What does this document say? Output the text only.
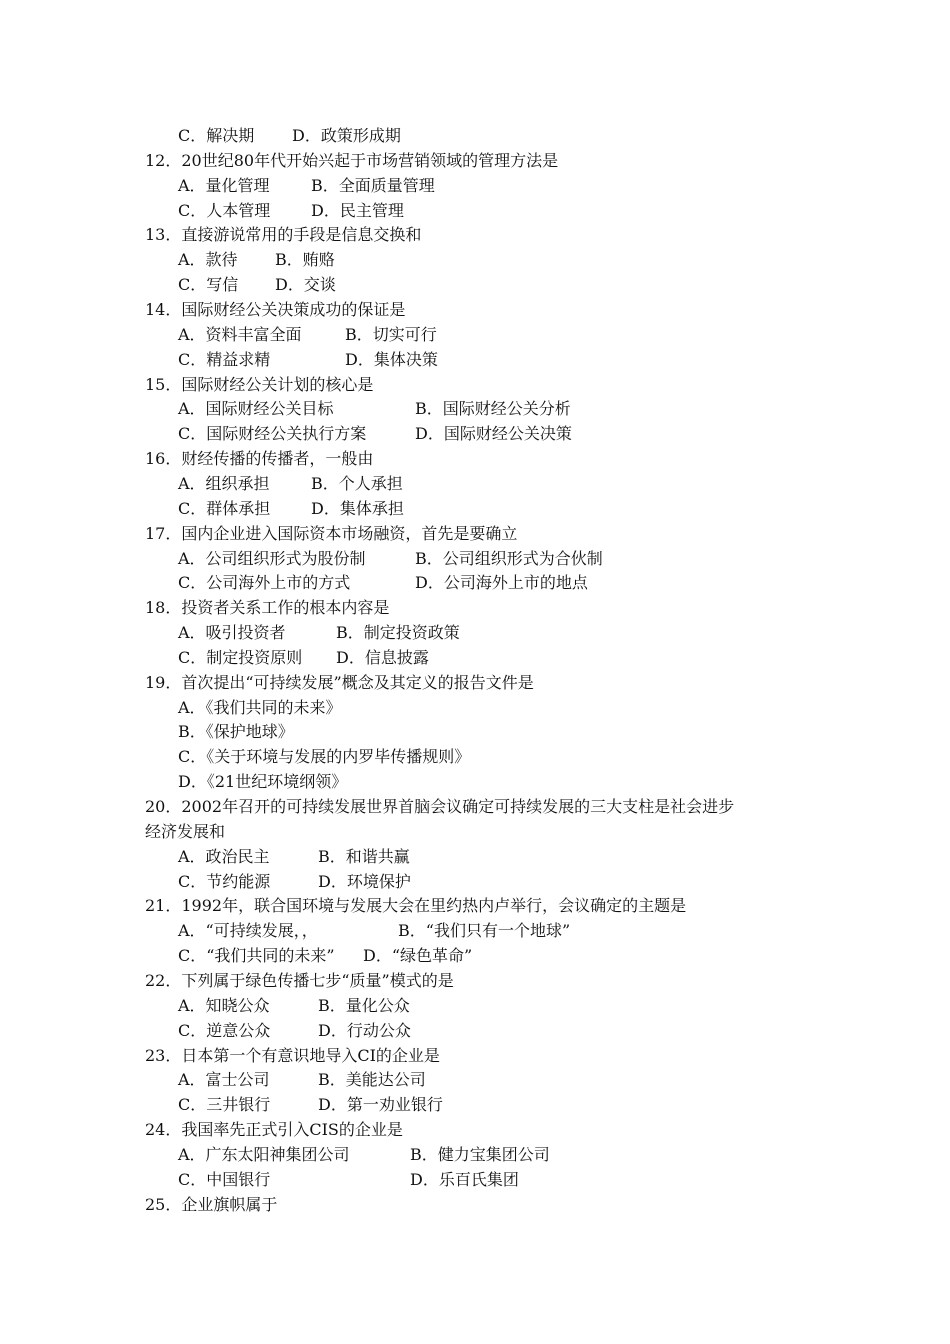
C．解决期 D．政策形成期
12．20世纪80年代开始兴起于市场营销领域的管理方法是
A．量化管理	B．全面质量管理
C．人本管理	D．民主管理
13．直接游说常用的手段是信息交换和
A．款待 B．贿赂
C．写信 D．交谈
14．国际财经公关决策成功的保证是
A．资料丰富全面	B．切实可行
C．精益求精	D．集体决策
15．国际财经公关计划的核心是
A．国际财经公关目标	B．国际财经公关分析
C．国际财经公关执行方案	D．国际财经公关决策
16．财经传播的传播者，一般由
A．组织承担	B．个人承担
C．群体承担	D．集体承担
17．国内企业进入国际资本市场融资，首先是要确立
A．公司组织形式为股份制	B．公司组织形式为合伙制
C．公司海外上市的方式	D．公司海外上市的地点
18．投资者关系工作的根本内容是
A．吸引投资者	B．制定投资政策
C．制定投资原则 D．信息披露
19．首次提出“可持续发展”概念及其定义的报告文件是
A．《我们共同的未来》
B．《保护地球》
C．《关于环境与发展的内罗毕传播规则》
D．《21世纪环境纲领》
20．2002年召开的可持续发展世界首脑会议确定可持续发展的三大支柱是社会进步
经济发展和
A．政治民主	B．和谐共赢
C．节约能源	D．环境保护
21．1992年，联合国环境与发展大会在里约热内卢举行，会议确定的主题是
A．“可持续发展，，	B．“我们只有一个地球”
C．“我们共同的未来” D．“绿色革命”
22．下列属于绿色传播七步“质量”模式的是
A．知晓公众	B．量化公众
C．逆意公众	D．行动公众
23．日本第一个有意识地导入CI的企业是
A．富士公司	B．美能达公司
C．三井银行	D．第一劝业银行
24．我国率先正式引入CIS的企业是
A．广东太阳神集团公司	B．健力宝集团公司
C．中国银行	D．乐百氏集团
25．企业旗帜属于
